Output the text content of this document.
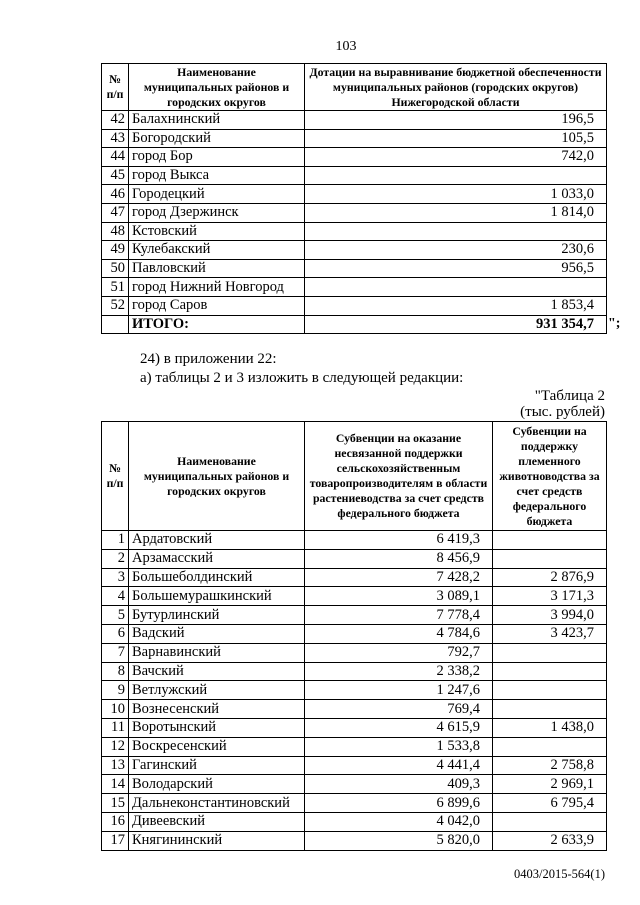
103
№ п/п	Наименование муниципальных районов и городских округов	Дотации на выравнивание бюджетной обеспеченности муниципальных районов (городских округов) Нижегородской области
42	Балахнинский	196,5
43	Богородский	105,5
44	город Бор	742,0
45	город Выкса	
46	Городецкий	1 033,0
47	город Дзержинск	1 814,0
48	Кстовский	
49	Кулебакский	230,6
50	Павловский	956,5
51	город Нижний Новгород	
52	город Саров	1 853,4
	ИТОГО:	931 354,7 ";
24) в приложении 22:
а) таблицы 2 и 3 изложить в следующей редакции:
"Таблица 2
(тыс. рублей)
№ п/п	Наименование муниципальных районов и городских округов	Субвенции на оказание несвязанной поддержки сельскохозяйственным товаропроизводителям в области растениеводства за счет средств федерального бюджета	Субвенции на поддержку племенного животноводства за счет средств федерального бюджета
1	Ардатовский	6 419,3	
2	Арзамасский	8 456,9	
3	Большеболдинский	7 428,2	2 876,9
4	Большемурашкинский	3 089,1	3 171,3
5	Бутурлинский	7 778,4	3 994,0
6	Вадский	4 784,6	3 423,7
7	Варнавинский	792,7	
8	Вачский	2 338,2	
9	Ветлужский	1 247,6	
10	Вознесенский	769,4	
11	Воротынский	4 615,9	1 438,0
12	Воскресенский	1 533,8	
13	Гагинский	4 441,4	2 758,8
14	Володарский	409,3	2 969,1
15	Дальнеконстантиновский	6 899,6	6 795,4
16	Дивеевский	4 042,0	
17	Княгининский	5 820,0	2 633,9
0403/2015-564(1)
